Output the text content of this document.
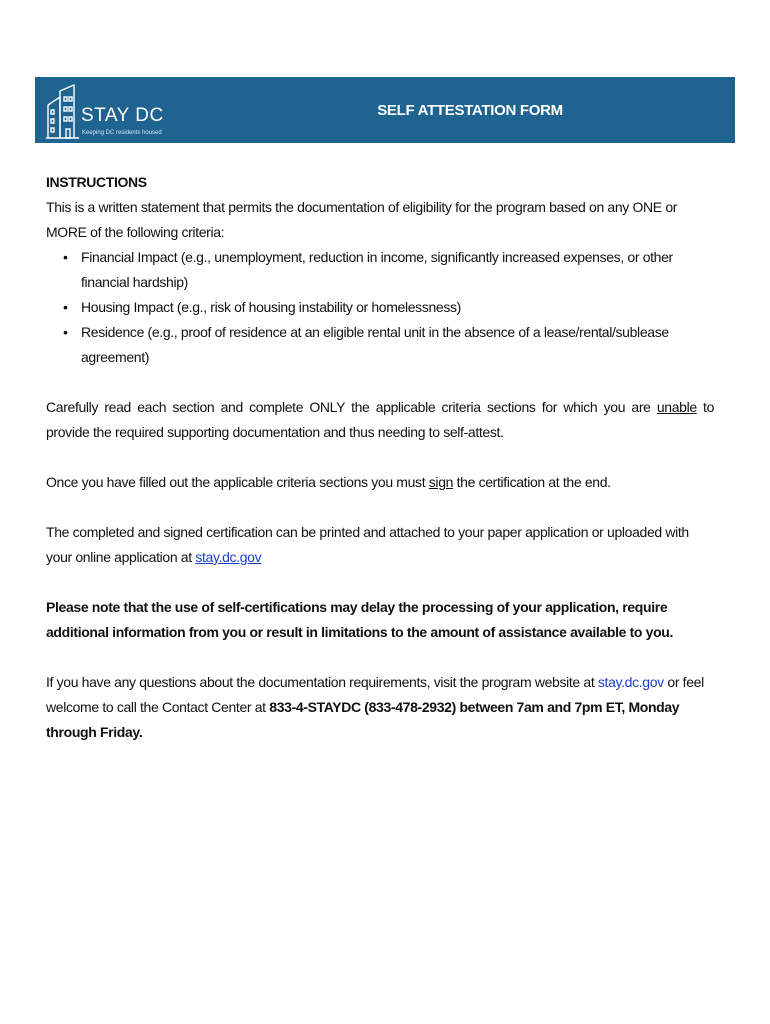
STAY DC
Keeping DC residents housed
SELF ATTESTATION FORM

INSTRUCTIONS

This is a written statement that permits the documentation of eligibility for the program based on any ONE or MORE of the following criteria:

• Financial Impact (e.g., unemployment, reduction in income, significantly increased expenses, or other financial hardship)
• Housing Impact (e.g., risk of housing instability or homelessness)
• Residence (e.g., proof of residence at an eligible rental unit in the absence of a lease/rental/sublease agreement)

Carefully read each section and complete ONLY the applicable criteria sections for which you are unable to provide the required supporting documentation and thus needing to self-attest.

Once you have filled out the applicable criteria sections you must sign the certification at the end.

The completed and signed certification can be printed and attached to your paper application or uploaded with your online application at stay.dc.gov

Please note that the use of self-certifications may delay the processing of your application, require additional information from you or result in limitations to the amount of assistance available to you.

If you have any questions about the documentation requirements, visit the program website at stay.dc.gov or feel welcome to call the Contact Center at 833-4-STAYDC (833-478-2932) between 7am and 7pm ET, Monday through Friday.
